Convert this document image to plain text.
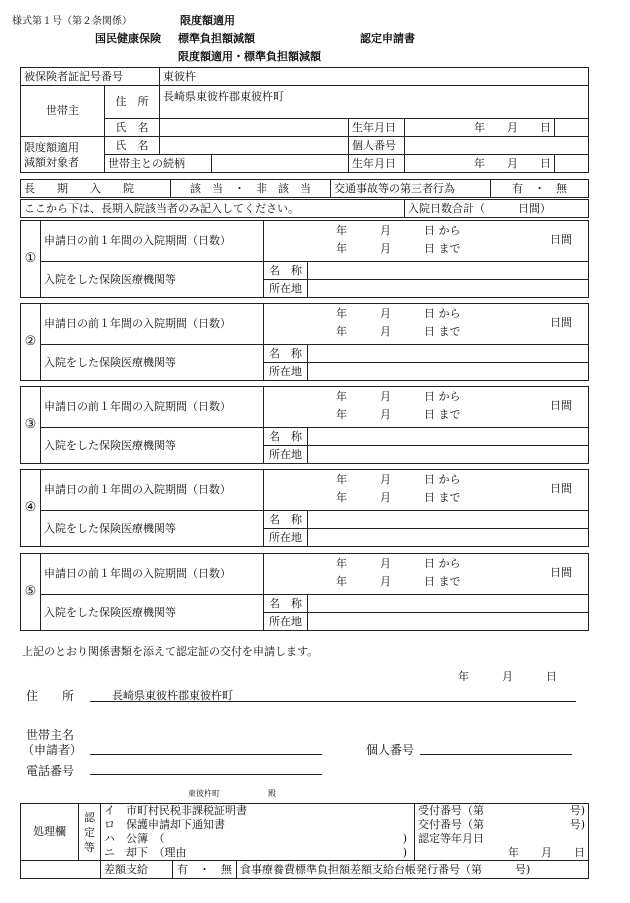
様式第１号（第２条関係）	限度額適用
国民健康保険 標準負担額減額	認定申請書
限度額適用・標準負担額減額
被保険者証記号番号		東彼杵				
世帯主	住　所	長崎県東彼杵郡東彼杵町				
	氏　名			生年月日	年　　月　　日	

限度額適用
減額対象者	氏　名			個人番号		
	世帯主との続柄			生年月日	年　　月　　日	
長　　期　　入　　院	該　当　・　非　該　当	交通事故等の第三者行為	有　・　無
ここから下は、長期入院該当者のみ記入してください。	入院日数合計（　　　日間）
①	申請日の前１年間の入院期間（日数）	年　　　月　　　日 から
年　　　月　　　日 まで
日間	

	入院をした保険医療機関等	名　称	
		所在地	
②	申請日の前１年間の入院期間（日数）	年　　　月　　　日 から
年　　　月　　　日 まで
日間	

	入院をした保険医療機関等	名　称	
		所在地	
③	申請日の前１年間の入院期間（日数）	年　　　月　　　日 から
年　　　月　　　日 まで
日間	

	入院をした保険医療機関等	名　称	
		所在地	
④	申請日の前１年間の入院期間（日数）	年　　　月　　　日 から
年　　　月　　　日 まで
日間	

	入院をした保険医療機関等	名　称	
		所在地	
⑤	申請日の前１年間の入院期間（日数）	年　　　月　　　日 から
年　　　月　　　日 まで
日間	

	入院をした保険医療機関等	名　称	
		所在地	
上記のとおり関係書類を添えて認定証の交付を申請します。
年　　　月　　　日
住　　所	長崎県東彼杵郡東彼杵町
世帯主名
（申請者）	個人番号
電話番号
東彼杵町	殿
処理欄	認定等	イ　市町村民税非課税証明書			受付番号（第 号)

		ロ　保護申請却下通知書			交付番号（第 号)

		ハ　公簿　（ )			認定等年月日
		ニ　却下　（理由 )			年　　月　　日
		差額支給	有　・　無	食事療養費標準負担額差額支給台帳発行番号（第　　　号)	
